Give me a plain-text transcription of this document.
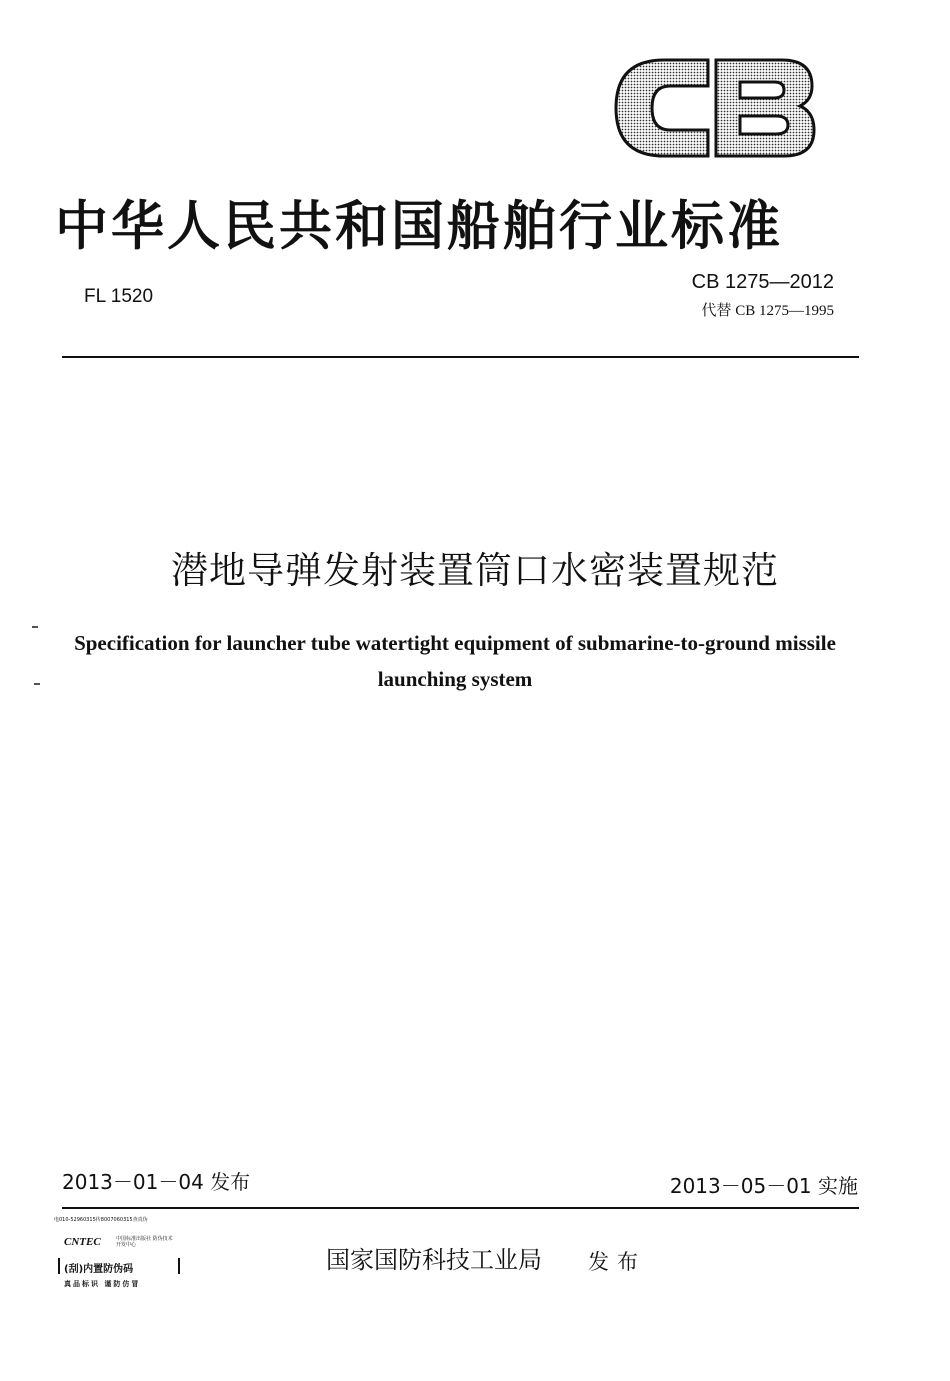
中华人民共和国船舶行业标准
FL 1520
CB 1275—2012
代替 CB 1275—1995
潜地导弹发射装置筒口水密装置规范
Specification for launcher tube watertight equipment of submarine-to-ground missile launching system
2013－01－04 发布	2013－05－01 实施
电010-52960315传8007060315查真伪
CNTEC	中国标准出版社 防伪技术开发中心
(刮)内置防伪码
真品标识 谨防仿冒
国家国防科技工业局 发布
